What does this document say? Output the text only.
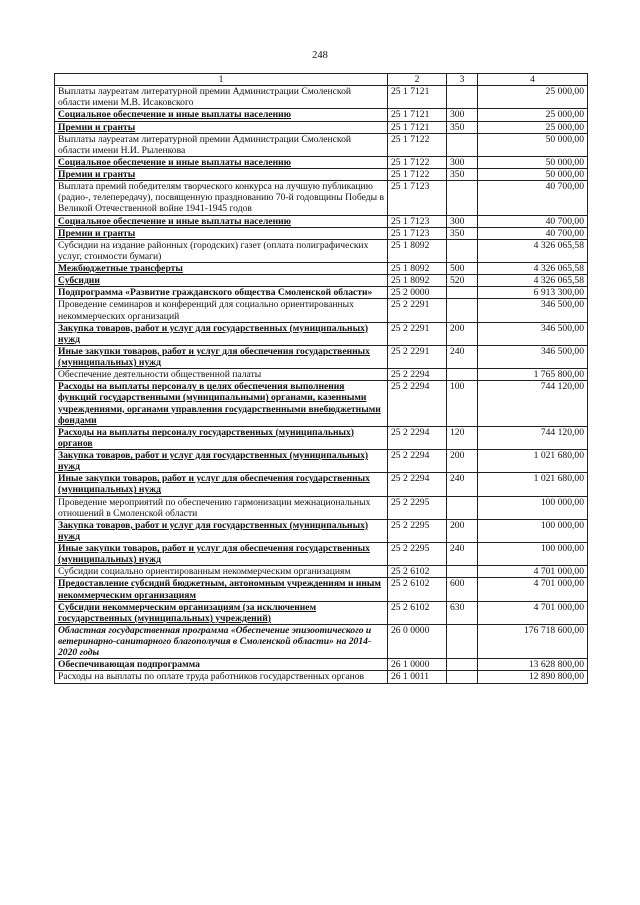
248
1	2	3	4
Выплаты лауреатам литературной премии Администрации Смоленской области имени М.В. Исаковского	25 1 7121		25 000,00
Социальное обеспечение и иные выплаты населению	25 1 7121	300	25 000,00
Премии и гранты	25 1 7121	350	25 000,00
Выплаты лауреатам литературной премии Администрации Смоленской области имени Н.И. Рыленкова	25 1 7122		50 000,00
Социальное обеспечение и иные выплаты населению	25 1 7122	300	50 000,00
Премии и гранты	25 1 7122	350	50 000,00
Выплата премий победителям творческого конкурса на лучшую публикацию (радио-, телепередачу), посвященную празднованию 70-й годовщины Победы в Великой Отечественной войне 1941-1945 годов	25 1 7123		40 700,00
Социальное обеспечение и иные выплаты населению	25 1 7123	300	40 700,00
Премии и гранты	25 1 7123	350	40 700,00
Субсидии на издание районных (городских) газет (оплата полиграфических услуг, стоимости бумаги)	25 1 8092		4 326 065,58
Межбюджетные трансферты	25 1 8092	500	4 326 065,58
Субсидии	25 1 8092	520	4 326 065,58
Подпрограмма «Развитие гражданского общества Смоленской области»	25 2 0000		6 913 300,00
Проведение семинаров и конференций для социально ориентированных некоммерческих организаций	25 2 2291		346 500,00
Закупка товаров, работ и услуг для государственных (муниципальных) нужд	25 2 2291	200	346 500,00
Иные закупки товаров, работ и услуг для обеспечения государственных (муниципальных) нужд	25 2 2291	240	346 500,00
Обеспечение деятельности общественной палаты	25 2 2294		1 765 800,00
Расходы на выплаты персоналу в целях обеспечения выполнения функций государственными (муниципальными) органами, казенными учреждениями, органами управления государственными внебюджетными фондами	25 2 2294	100	744 120,00
Расходы на выплаты персоналу государственных (муниципальных) органов	25 2 2294	120	744 120,00
Закупка товаров, работ и услуг для государственных (муниципальных) нужд	25 2 2294	200	1 021 680,00
Иные закупки товаров, работ и услуг для обеспечения государственных (муниципальных) нужд	25 2 2294	240	1 021 680,00
Проведение мероприятий по обеспечению гармонизации межнациональных отношений в Смоленской области	25 2 2295		100 000,00
Закупка товаров, работ и услуг для государственных (муниципальных) нужд	25 2 2295	200	100 000,00
Иные закупки товаров, работ и услуг для обеспечения государственных (муниципальных) нужд	25 2 2295	240	100 000,00
Субсидии социально ориентированным некоммерческим организациям	25 2 6102		4 701 000,00
Предоставление субсидий бюджетным, автономным учреждениям и иным некоммерческим организациям	25 2 6102	600	4 701 000,00
Субсидии некоммерческим организациям (за исключением государственных (муниципальных) учреждений)	25 2 6102	630	4 701 000,00
Областная государственная программа «Обеспечение эпизоотического и ветеринарно-санитарного благополучия в Смоленской области» на 2014-2020 годы	26 0 0000		176 718 600,00
Обеспечивающая подпрограмма	26 1 0000		13 628 800,00
Расходы на выплаты по оплате труда работников государственных органов	26 1 0011		12 890 800,00
